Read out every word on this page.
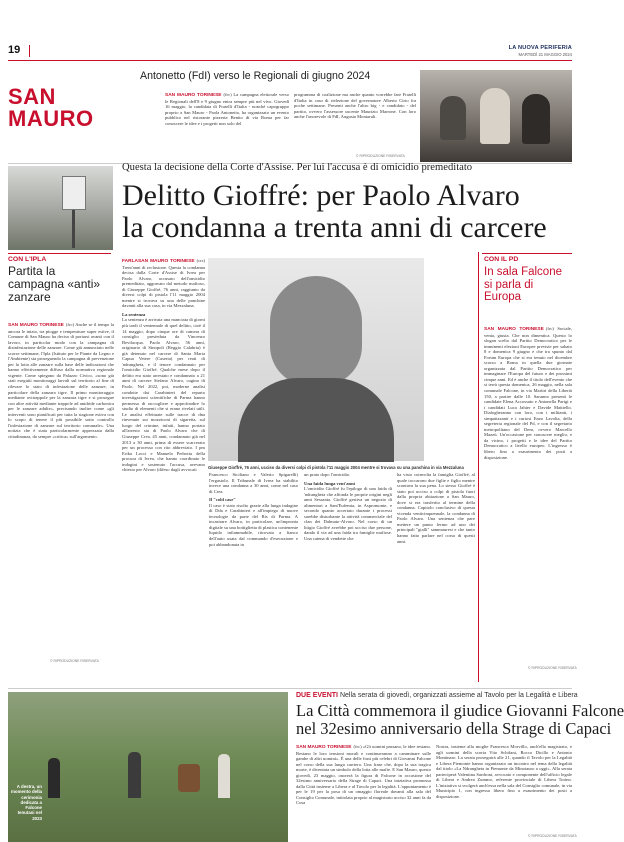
19	LA NUOVA PERIFERIA
MARTEDÌ 21 MAGGIO 2024
SAN
MAURO
Antonetto (FdI) verso le Regionali di giugno 2024
SAN MAURO TORINESE (frc) La campagna elettorale verso le Regionali dell'8 e 9 giugno entra sempre più nel vivo. Giovedì 16 maggio, la candidata di Fratelli d'Italia - nonché capogruppo proprio a San Mauro - Paola Antonetto, ha organizzato un evento pubblico nel ristorante pizzeria Benito di via Roma per far conoscere le idee e i progetti non solo del
programma di coalizione ma anche quanto vorrebbe fare Fratelli d'Italia in caso di rielezione del governatore Alberto Cirio fra poche settimane. Presenti anche l'altro big - e candidato - del partito, ovvero l'assessore uscente Maurizio Marrone. Con loro anche l'onorevole di FdI, Augusta Montaruli.
© RIPRODUZIONE RISERVATA
Questa la decisione della Corte d'Assise. Per lui l'accusa è di omicidio premeditato
Delitto Gioffré: per Paolo Alvaro
la condanna a trenta anni di carcere
CON L'IPLA
Partita la campagna «anti» zanzare
SAN MAURO TORINESE (frc) Anche se il tempo la ancora le inizio, tra piogge e temperature super estive, il Comune di San Mauro ha deciso di portarsi avanti con il lavoro, in particolar modo con la campagna di disinfestazione delle zanzare. Come già annunciato nelle scorse settimane, l'Ipla (Istituto per le Piante da Legno e l'Ambiente) sta proseguendo la campagna di prevenzione per la lotta alle zanzare sulla base delle indicazioni che hanno effettivamente diffuso dalla normativa regionale vigente. Come spiegano da Palazzo Civico, «sono già stati eseguiti monitoraggi larvali sul territorio al fine di rilevare lo stato di infestazione delle zanzare, in particolare della zanzara tigre. Il primo monitoraggio mediante ovitrappole per la zanzara tigre e si prosegue con altre attività mediante trappole ad anidride carbonica per le zanzare adulte», precisando inoltre come «gli interventi sono pianificati per tutta la stagione estiva con lo scopo di tenere il più possibile sotto controllo l'infestazione di zanzare sul territorio comunale». Una notizia che è stata particolarmente apprezzata dalla cittadinanza, da sempre «critica» sull'argomento.
© RIPRODUZIONE RISERVATA
FARLASAN MAURO TORINESE (crs) Trent'anni di reclusione. Questa la condanna decisa dalla Corte d'Assise di Ivrea per Paolo Alvaro, accusato dell'omicidio premeditato, aggravato dal metodo mafioso, di Giuseppe Gioffré, 76 anni, raggiunto da diversi colpi di pistola l'11 maggio 2004 mentre si trovava su una delle panchine davanti alla sua casa, in via Mezzaluna.
La sentenza
La sentenza è arrivata una manciata di giorni più tardi il ventennale di quel delitto, cioè il 14 maggio, dopo cinque ore di camera di consiglio presieduta da Vincenzo Bevilacqua. Paolo Alvaro, 56 anni, originario di Sinopoli (Reggio Calabria) è già detenuto nel carcere di Santa Maria Capua Vetere (Caserta) per reati di 'ndrangheta, e il tenore condannato per l'omicidio Gioffré. Qualche mese dopo il delitto era stato arrestato e condannato a 21 anni di carcere Stefano Alvaro, cugino di Paolo. Nel 2022, poi, moderne analisi condotte dai Carabinieri del reparto investigazioni scientifiche di Parma hanno permesso di raccogliere e approfondire lo studio di elementi che si erano rivelati utili. Le analisi effettuate sulle tracce di dna rinvenute sui mozziconi di sigaretta, sul luogo del crimine, infatti, hanno portato all'arresto sia di Paolo Alvaro che di Giuseppe Crea, 45 anni, condannato già nel 2013 a 30 anni, prima di essere scarcerato per un processo con rito abbreviato. I pm Erika Locci e Manuela Pedrotta della procura di Ivrea, che hanno coordinato le indagini e sostenuto l'accusa, avevano chiesto per Alvaro (difeso dagli avvocati	Giuseppe Gioffré, 76 anni, ucciso da diversi colpi di pistola l'11 maggio 2004 mentre si trovava su una panchina in via Mezzaluna
Francesco Siciliano e Valerio Spigarelli) l'ergastolo. Il Tribunale di Ivrea ha stabilito invece una condanna a 30 anni, come nel caso di Crea.
Il "cold case"
Il caso è stato risolto grazie alla lunga indagine di Dda e Carabinieri e all'impiego di nuove tecnologie da parte del Ris di Parma. A incastrare Alvaro, in particolare, un'impronta digitale su una bottiglietta di plastica contenente liquido infiammabile, ritrovata a fianco dell'auto usata dal commando d'esecuzione e poi abbandonata in
un prato dopo l'omicidio.
Una faida lunga vent'anni
L'omicidio Gioffré fu l'epilogo di una faida di 'ndrangheta che affonda le proprie origini negli anni Sessanta. Gioffré gestiva un negozio di alimentari a Sant'Eufemia, in Aspromonte, e secondo quanto accertato durante i processi sarebbe disturbante la attività commerciale del clan dei Dalmato-Alvaro. Nel corso di un litigio Gioffré avrebbe poi ucciso due persone, dando il via ad una faida tra famiglie mafiose. Una catena di vendette che
ha visto coinvolta la famiglia Gioffré, al quale toccarono due figlie e figlio mentre scontava la sua pena. Lo stesso Gioffré è stato poi ucciso a colpi di pistola fuori dalla propria abitazione a San Mauro, dove si era trasferito al termine della condanna. Capitolo conclusivo di questa vicenda venticinquennale, la condanna di Paolo Alvaro. Una sentenza che pare mettere un punto fermo ad uno dei principali "gialli" sammauresi e che tanto hanno fatto parlare nel corso di questi anni.
CON IL PD
In sala Falcone si parla di Europa
SAN MAURO TORINESE (frc) Sociale, venta, giusta. Che non dimentica. Questo lo slogan scelto dal Partito Democratico per le imminenti elezioni Europee previste per sabato 8 e domenica 9 giugno e che tra spunto dal Forum Europa che si era tenuto nel dicembre scorso a Roma in quella due giornate organizzata dal Partito Democratico per immaginare l'Europa del futuro e dei prossimi cinque anni. Ed è anche il titolo dell'evento che si terrà questa domenica, 26 maggio, nella sala comunale Falcone, in via Martiri della Libertà 150, a partire dalle 10. Saranno presenti le candidate Elena Accossato e Antonella Parigi e i candidati Luca Jahier e Davide Mattiello. Dialogheranno con loro, con i militanti, i simpatizzanti e i curiosi Enzo Lavolta, della segreteria regionale del Pd, e con il segretario metropolitano del Dem, ovvero Marcello Mazzù. Un'occasione per conoscere meglio, e da vicino, i progetti e le idee del Partito Democratico a livello europeo. L'ingresso è libero fino a esaurimento dei posti a disposizione.
© RIPRODUZIONE RISERVATA
A destra, un momento della cerimonia dedicata a Falcone tenutasi nel 2023
DUE EVENTI Nella serata di giovedì, organizzati assieme al Tavolo per la Legalità e Libera
La Città commemora il giudice Giovanni Falcone
nel 32esimo anniversario della Strage di Capaci
SAN MAURO TORINESE (frc) «Gli uomini passano, le idee restano. Restano le loro tensioni morali e continueranno a camminare sulle gambe di altri uomini». È una delle frasi più celebri di Giovanni Falcone nel corso della sua lunga carriera. Una frase che, dopo la sua tragica morte, è diventata un simbolo della lotta alle mafie. E San Mauro, questo giovedì, 23 maggio, onorerà la figura di Falcone in occasione del 32esimo anniversario della Strage di Capaci. Una iniziativa promossa dalla Città insieme a Libera e al Tavolo per la legalità. L'appuntamento è per le 19 per la posa di un omaggio floreale davanti alla sala del Consiglio Comunale, intitolata proprio al magistrato ucciso 32 anni fa da Cosa
Nostra, insieme alla moglie Francesca Morvillo, anch'ella magistrato, e agli uomini della scorta Vito Schifani, Rocco Dicillo e Antonio Montinaro. La serata proseguirà alle 21, quando il Tavolo per la Legalità e Libera Piemonte hanno organizzato un incontro nel tema della legalità dal titolo «La Ndrangheta in Piemonte da Minotauro a oggi». Alla serata parteciperà Valentina Sardroni, avvocato e componente dell'ufficio legale di Libera e Andrea Zummo, referente provinciale di Libera Torino. L'iniziativa si svolgerà anch'essa nella sala del Consiglio comunale, in via Municipio 1, con ingresso libero fino a esaurimento dei posti a disposizione.
© RIPRODUZIONE RISERVATA
